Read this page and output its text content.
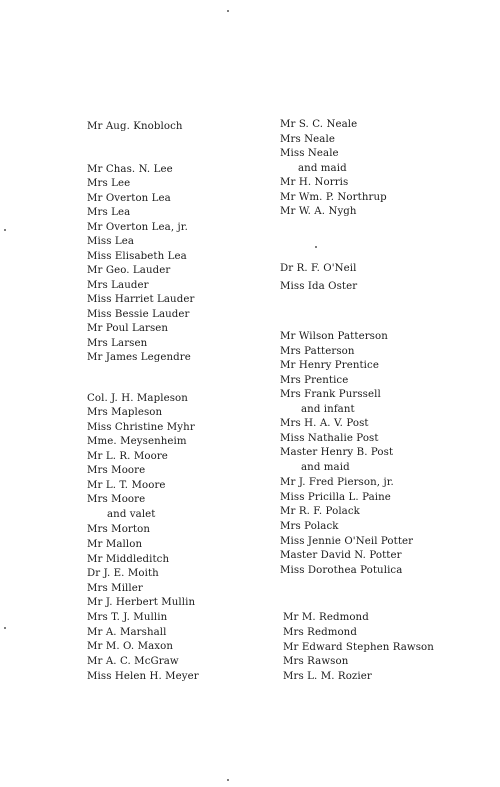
Mr Aug. Knobloch
Mr Chas. N. Lee
Mrs Lee
Mr Overton Lea
Mrs Lea
Mr Overton Lea, jr.
Miss Lea
Miss Elisabeth Lea
Mr Geo. Lauder
Mrs Lauder
Miss Harriet Lauder
Miss Bessie Lauder
Mr Poul Larsen
Mrs Larsen
Mr James Legendre
Col. J. H. Mapleson
Mrs Mapleson
Miss Christine Myhr
Mme. Meysenheim
Mr L. R. Moore
Mrs Moore
Mr L. T. Moore
Mrs Moore
and valet
Mrs Morton
Mr Mallon
Mr Middleditch
Dr J. E. Moith
Mrs Miller
Mr J. Herbert Mullin
Mrs T. J. Mullin
Mr A. Marshall
Mr M. O. Maxon
Mr A. C. McGraw
Miss Helen H. Meyer
Mr S. C. Neale
Mrs Neale
Miss Neale
and maid
Mr H. Norris
Mr Wm. P. Northrup
Mr W. A. Nygh
Dr R. F. O'Neil
Miss Ida Oster
Mr Wilson Patterson
Mrs Patterson
Mr Henry Prentice
Mrs Prentice
Mrs Frank Purssell
and infant
Mrs H. A. V. Post
Miss Nathalie Post
Master Henry B. Post
and maid
Mr J. Fred Pierson, jr.
Miss Pricilla L. Paine
Mr R. F. Polack
Mrs Polack
Miss Jennie O'Neil Potter
Master David N. Potter
Miss Dorothea Potulica
Mr M. Redmond
Mrs Redmond
Mr Edward Stephen Rawson
Mrs Rawson
Mrs L. M. Rozier
